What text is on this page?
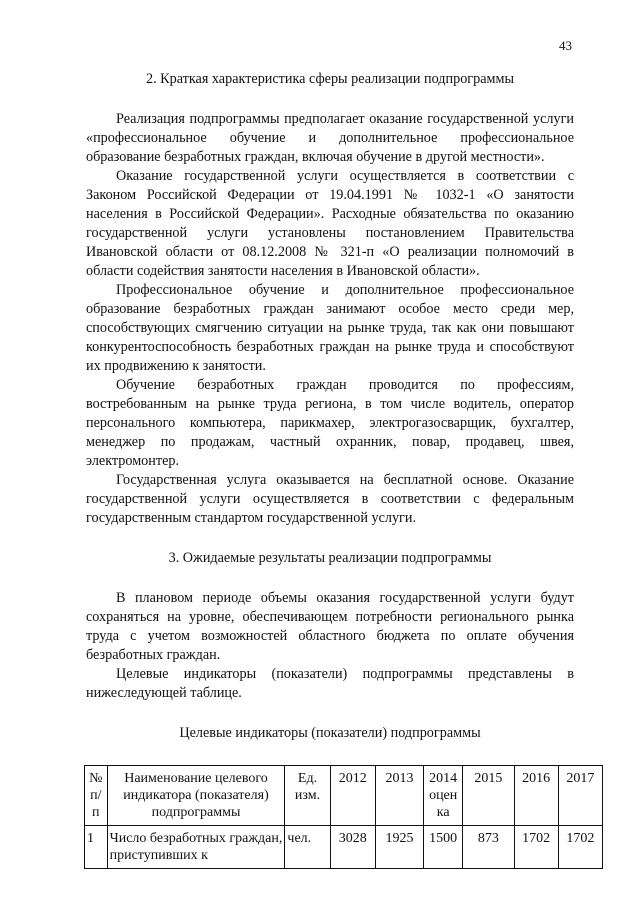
43
2. Краткая характеристика сферы реализации подпрограммы

Реализация подпрограммы предполагает оказание государственной услуги «профессиональное обучение и дополнительное профессиональное образование безработных граждан, включая обучение в другой местности».

Оказание государственной услуги осуществляется в соответствии с Законом Российской Федерации от 19.04.1991 № 1032-1 «О занятости населения в Российской Федерации». Расходные обязательства по оказанию государственной услуги установлены постановлением Правительства Ивановской области от 08.12.2008 № 321-п «О реализации полномочий в области содействия занятости населения в Ивановской области».

Профессиональное обучение и дополнительное профессиональное образование безработных граждан занимают особое место среди мер, способствующих смягчению ситуации на рынке труда, так как они повышают конкурентоспособность безработных граждан на рынке труда и способствуют их продвижению к занятости.

Обучение безработных граждан проводится по профессиям, востребованным на рынке труда региона, в том числе водитель, оператор персонального компьютера, парикмахер, электрогазосварщик, бухгалтер, менеджер по продажам, частный охранник, повар, продавец, швея, электромонтер.

Государственная услуга оказывается на бесплатной основе. Оказание государственной услуги осуществляется в соответствии с федеральным государственным стандартом государственной услуги.

3. Ожидаемые результаты реализации подпрограммы

В плановом периоде объемы оказания государственной услуги будут сохраняться на уровне, обеспечивающем потребности регионального рынка труда с учетом возможностей областного бюджета по оплате обучения безработных граждан.

Целевые индикаторы (показатели) подпрограммы представлены в нижеследующей таблице.

Целевые индикаторы (показатели) подпрограммы
№ п/п	Наименование целевого индикатора (показателя) подпрограммы	Ед. изм.	2012	2013	2014 оцен ка	2015	2016	2017
1	Число безработных граждан, приступивших к	чел.	3028	1925	1500	873	1702	1702
